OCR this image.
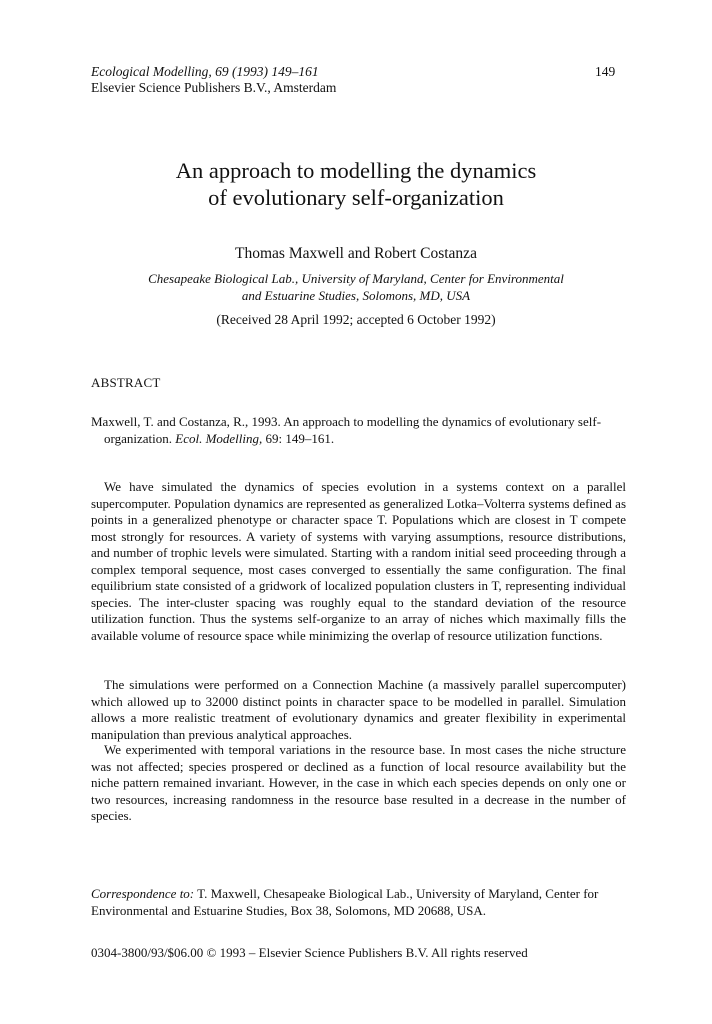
Ecological Modelling, 69 (1993) 149–161
Elsevier Science Publishers B.V., Amsterdam
149
An approach to modelling the dynamics
of evolutionary self-organization
Thomas Maxwell and Robert Costanza
Chesapeake Biological Lab., University of Maryland, Center for Environmental
and Estuarine Studies, Solomons, MD, USA
(Received 28 April 1992; accepted 6 October 1992)
ABSTRACT
Maxwell, T. and Costanza, R., 1993. An approach to modelling the dynamics of evolutionary self-organization. Ecol. Modelling, 69: 149–161.

We have simulated the dynamics of species evolution in a systems context on a parallel supercomputer. Population dynamics are represented as generalized Lotka–Volterra systems defined as points in a generalized phenotype or character space T. Populations which are closest in T compete most strongly for resources. A variety of systems with varying assumptions, resource distributions, and number of trophic levels were simulated. Starting with a random initial seed proceeding through a complex temporal sequence, most cases converged to essentially the same configuration. The final equilibrium state consisted of a gridwork of localized population clusters in T, representing individual species. The inter-cluster spacing was roughly equal to the standard deviation of the resource utilization function. Thus the systems self-organize to an array of niches which maximally fills the available volume of resource space while minimizing the overlap of resource utilization functions.

The simulations were performed on a Connection Machine (a massively parallel supercomputer) which allowed up to 32000 distinct points in character space to be modelled in parallel. Simulation allows a more realistic treatment of evolutionary dynamics and greater flexibility in experimental manipulation than previous analytical approaches.

We experimented with temporal variations in the resource base. In most cases the niche structure was not affected; species prospered or declined as a function of local resource availability but the niche pattern remained invariant. However, in the case in which each species depends on only one or two resources, increasing randomness in the resource base resulted in a decrease in the number of species.

Correspondence to: T. Maxwell, Chesapeake Biological Lab., University of Maryland, Center for Environmental and Estuarine Studies, Box 38, Solomons, MD 20688, USA.
0304-3800/93/$06.00 © 1993 – Elsevier Science Publishers B.V. All rights reserved
